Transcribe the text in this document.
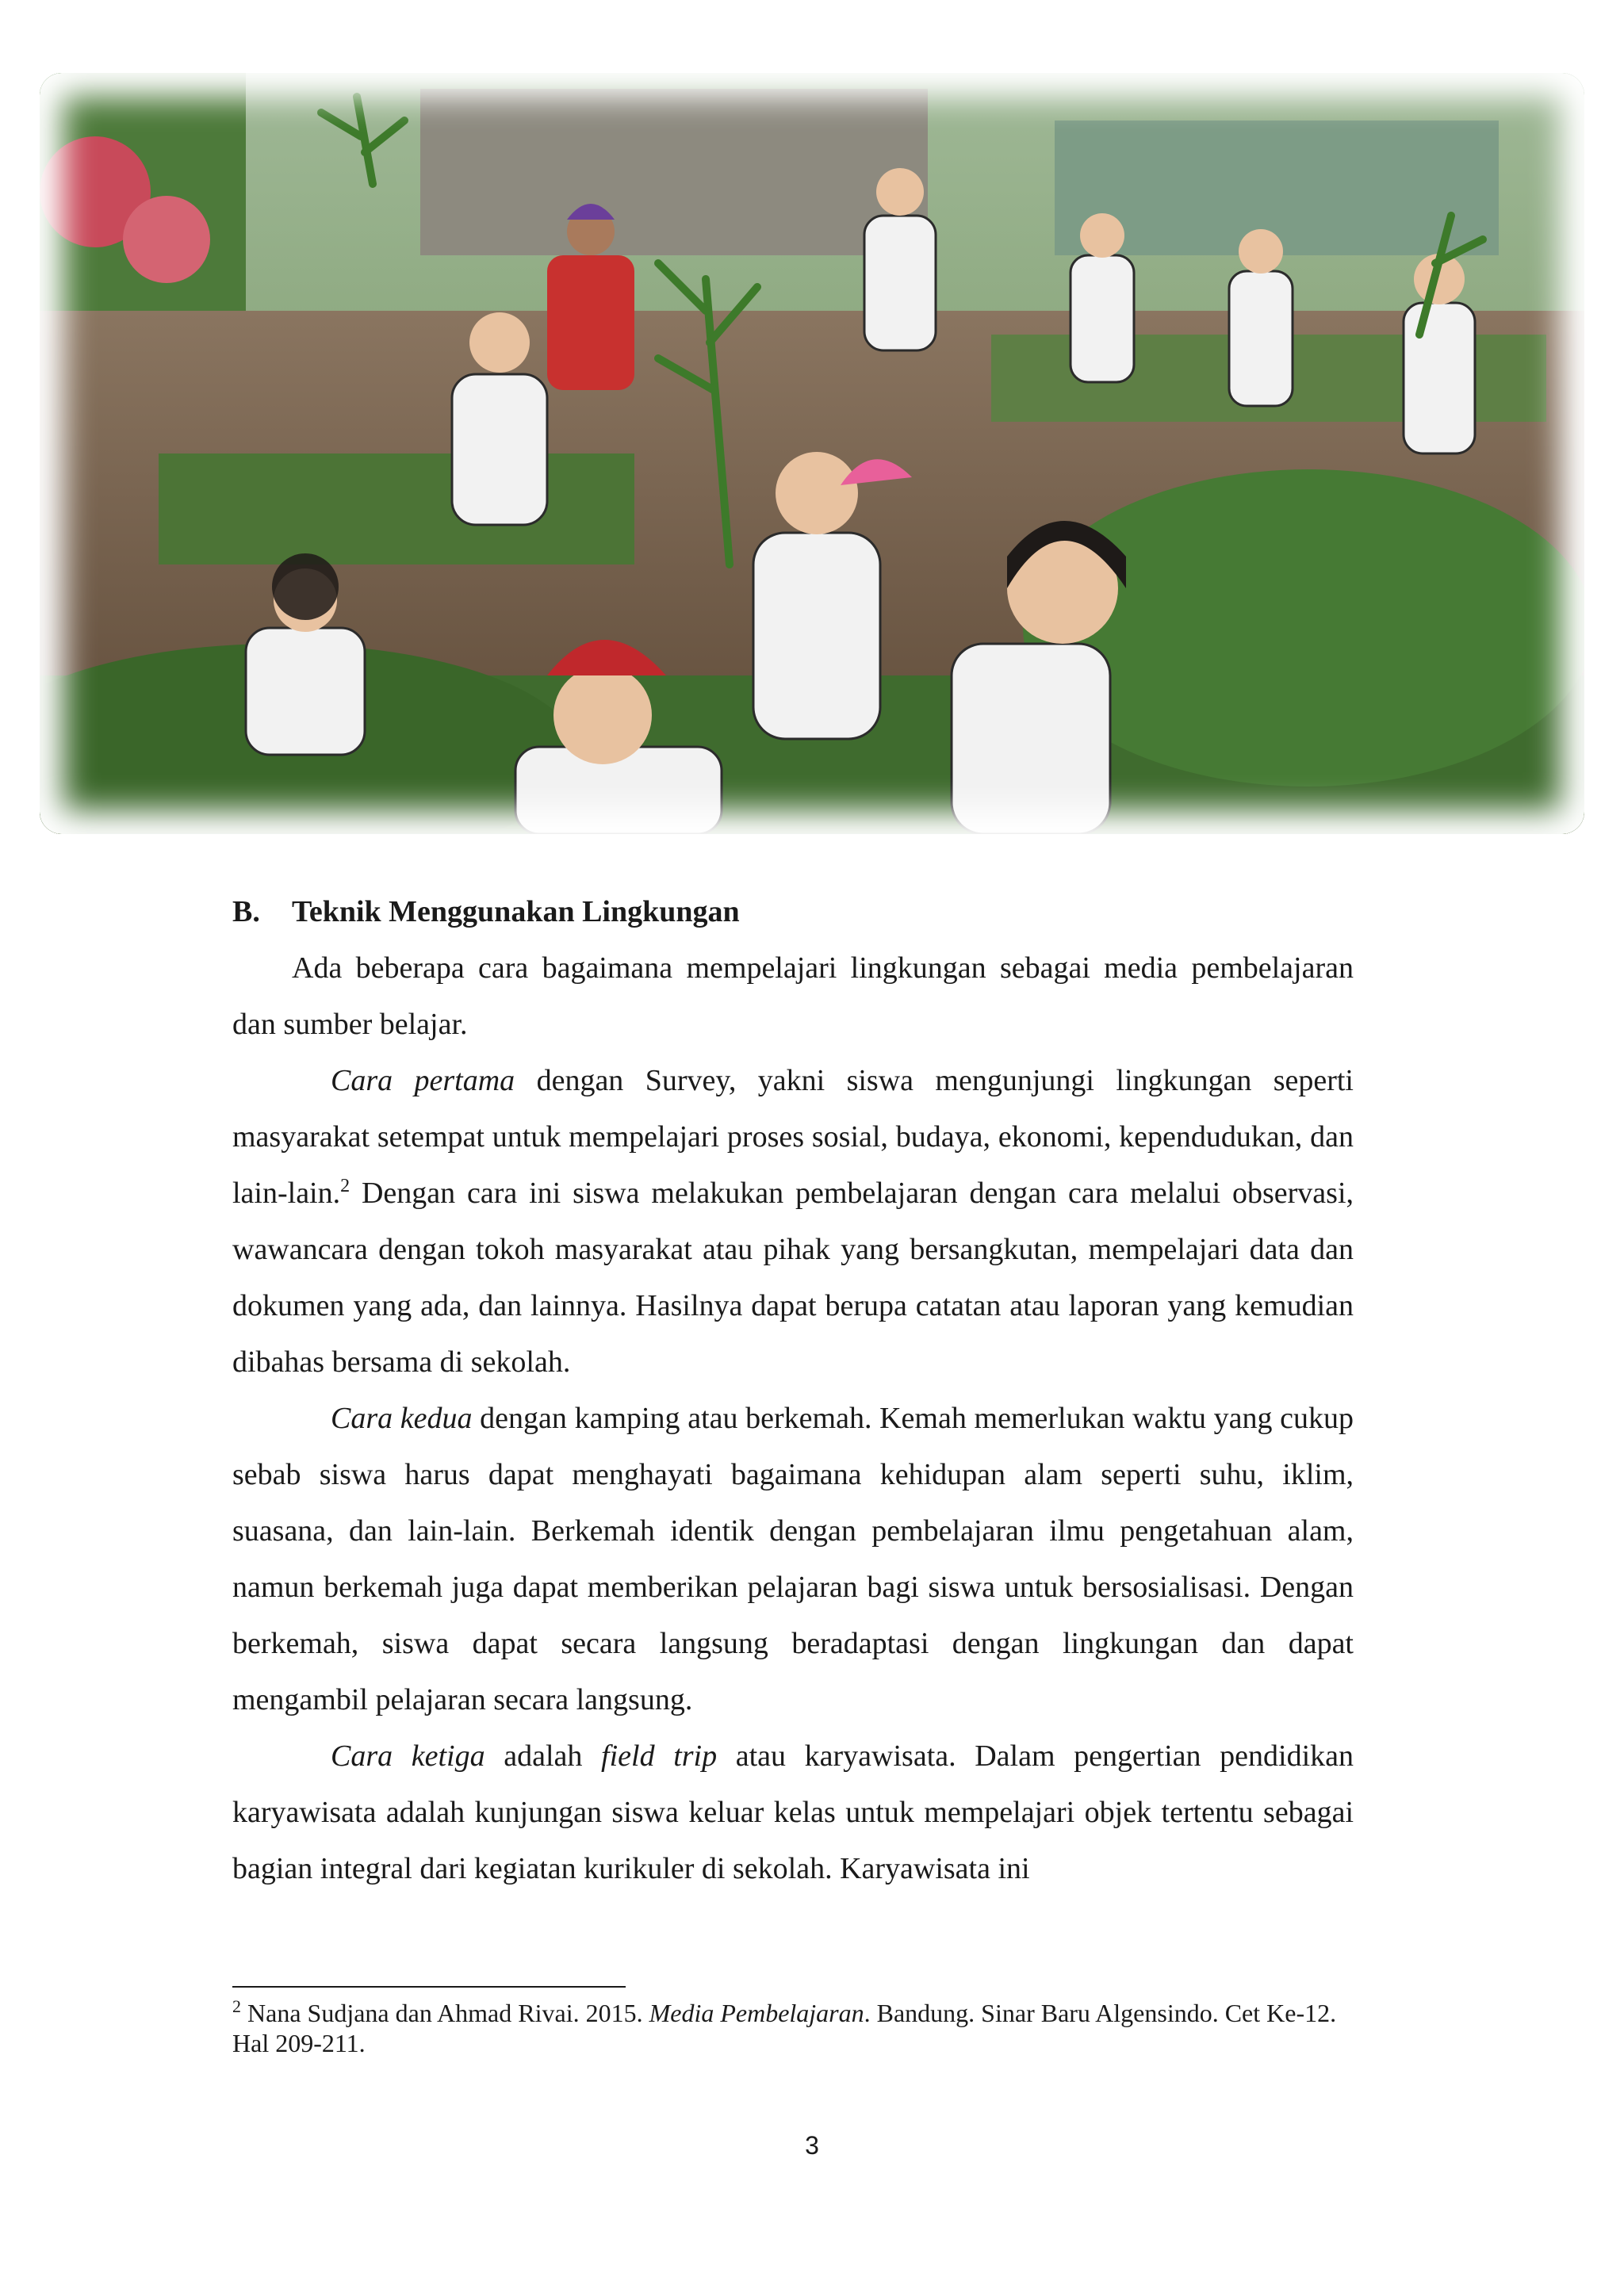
B. Teknik Menggunakan Lingkungan

Ada beberapa cara bagaimana mempelajari lingkungan sebagai media pembelajaran dan sumber belajar.

Cara pertama dengan Survey, yakni siswa mengunjungi lingkungan seperti masyarakat setempat untuk mempelajari proses sosial, budaya, ekonomi, kependudukan, dan lain-lain.$^2$ Dengan cara ini siswa melakukan pembelajaran dengan cara melalui observasi, wawancara dengan tokoh masyarakat atau pihak yang bersangkutan, mempelajari data dan dokumen yang ada, dan lainnya. Hasilnya dapat berupa catatan atau laporan yang kemudian dibahas bersama di sekolah.

Cara kedua dengan kamping atau berkemah. Kemah memerlukan waktu yang cukup sebab siswa harus dapat menghayati bagaimana kehidupan alam seperti suhu, iklim, suasana, dan lain-lain. Berkemah identik dengan pembelajaran ilmu pengetahuan alam, namun berkemah juga dapat memberikan pelajaran bagi siswa untuk bersosialisasi. Dengan berkemah, siswa dapat secara langsung beradaptasi dengan lingkungan dan dapat mengambil pelajaran secara langsung.

Cara ketiga adalah field trip atau karyawisata. Dalam pengertian pendidikan karyawisata adalah kunjungan siswa keluar kelas untuk mempelajari objek tertentu sebagai bagian integral dari kegiatan kurikuler di sekolah. Karyawisata ini

$^2$ Nana Sudjana dan Ahmad Rivai. 2015. Media Pembelajaran. Bandung. Sinar Baru Algensindo. Cet Ke-12. Hal 209-211.
3
